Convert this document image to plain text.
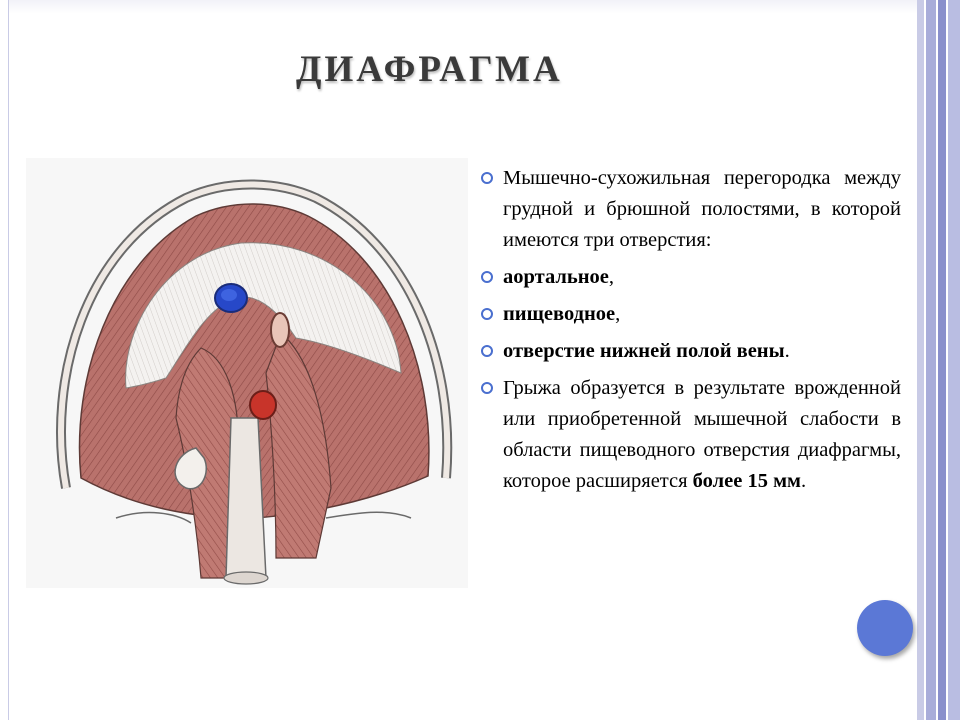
ДИАФРАГМА
Мышечно-сухожильная перегородка между грудной и брюшной полостями, в которой имеются три отверстия:
аортальное,
пищеводное,
отверстие нижней полой вены.
Грыжа образуется в результате врожденной или приобретенной мышечной слабости в области пищеводного отверстия диафрагмы, которое расширяется более 15 мм.
